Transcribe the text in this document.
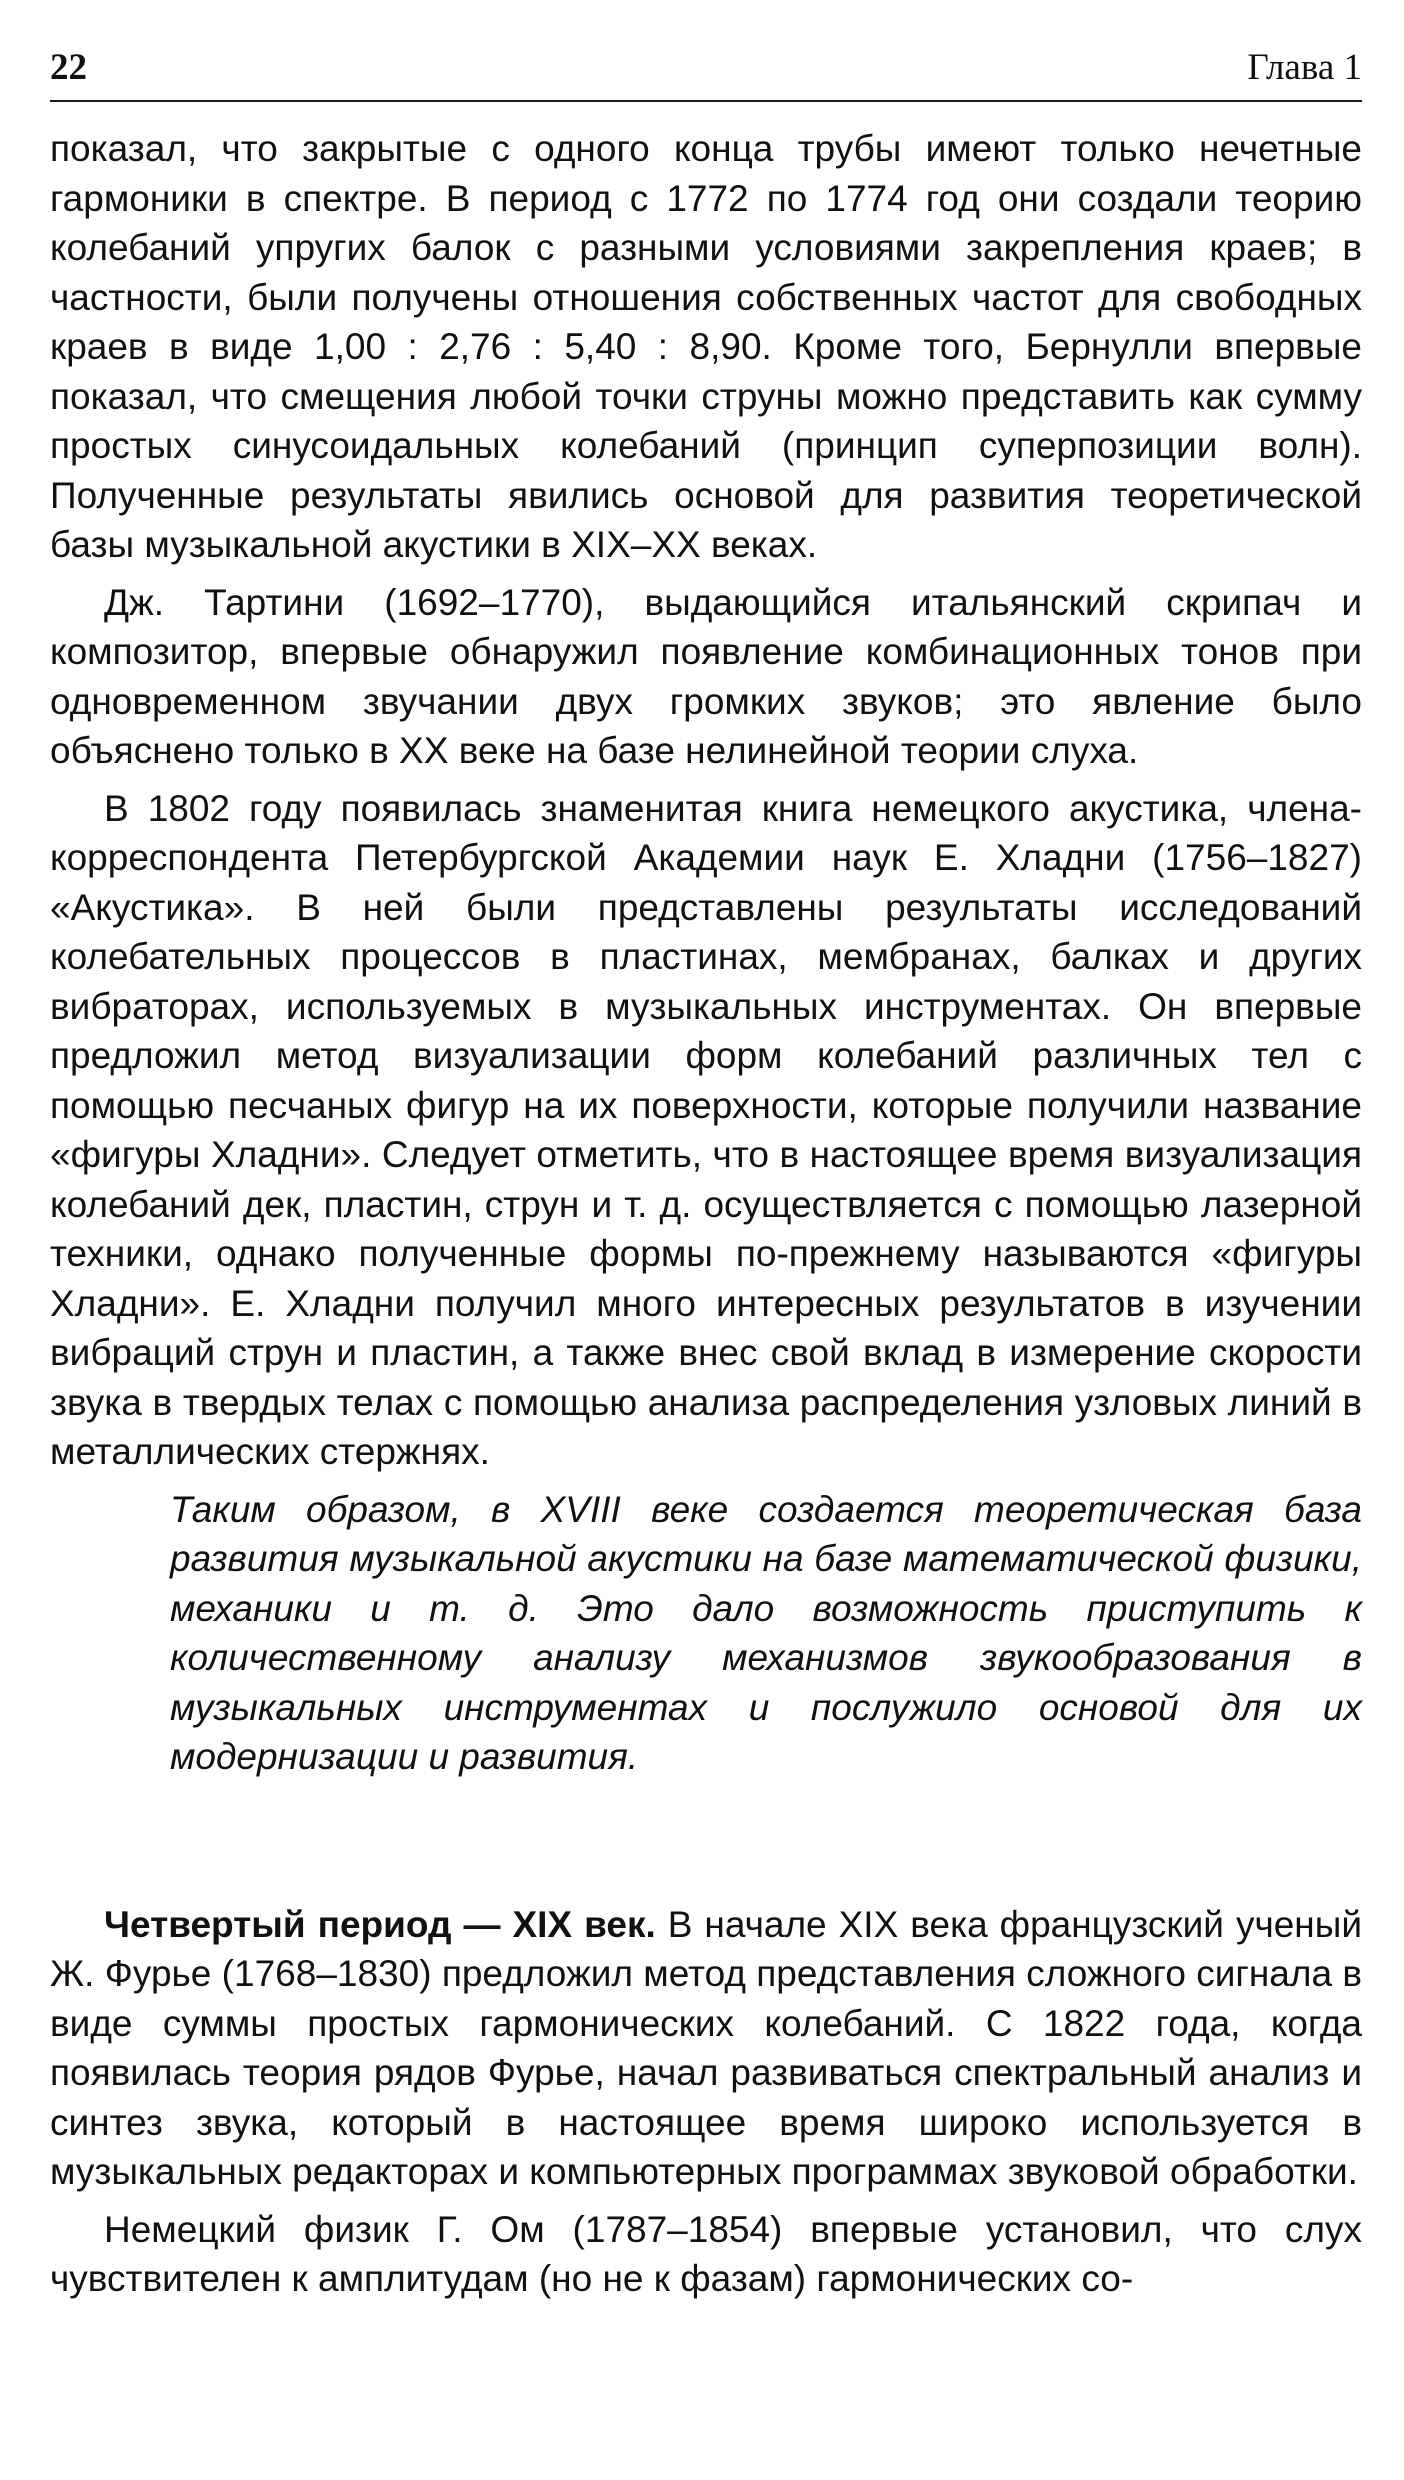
22	Глава 1

показал, что закрытые с одного конца трубы имеют только нечетные гармоники в спектре. В период с 1772 по 1774 год они создали теорию колебаний упругих балок с разными условиями закрепления краев; в частности, были получены отношения собственных частот для свободных краев в виде 1,00 : 2,76 : 5,40 : 8,90. Кроме того, Бернулли впервые показал, что смещения любой точки струны можно представить как сумму простых синусоидальных колебаний (принцип суперпозиции волн). Полученные результаты явились основой для развития теоретической базы музыкальной акустики в XIX–XX веках.

Дж. Тартини (1692–1770), выдающийся итальянский скрипач и композитор, впервые обнаружил появление комбинационных тонов при одновременном звучании двух громких звуков; это явление было объяснено только в XX веке на базе нелинейной теории слуха.

В 1802 году появилась знаменитая книга немецкого акустика, члена-корреспондента Петербургской Академии наук Е. Хладни (1756–1827) «Акустика». В ней были представлены результаты исследований колебательных процессов в пластинах, мембранах, балках и других вибраторах, используемых в музыкальных инструментах. Он впервые предложил метод визуализации форм колебаний различных тел с помощью песчаных фигур на их поверхности, которые получили название «фигуры Хладни». Следует отметить, что в настоящее время визуализация колебаний дек, пластин, струн и т. д. осуществляется с помощью лазерной техники, однако полученные формы по-прежнему называются «фигуры Хладни». Е. Хладни получил много интересных результатов в изучении вибраций струн и пластин, а также внес свой вклад в измерение скорости звука в твердых телах с помощью анализа распределения узловых линий в металлических стержнях.

Таким образом, в XVIII веке создается теоретическая база развития музыкальной акустики на базе математической физики, механики и т. д. Это дало возможность приступить к количественному анализу механизмов звукообразования в музыкальных инструментах и послужило основой для их модернизации и развития.

Четвертый период — XIX век. В начале XIX века французский ученый Ж. Фурье (1768–1830) предложил метод представления сложного сигнала в виде суммы простых гармонических колебаний. С 1822 года, когда появилась теория рядов Фурье, начал развиваться спектральный анализ и синтез звука, который в настоящее время широко используется в музыкальных редакторах и компьютерных программах звуковой обработки.

Немецкий физик Г. Ом (1787–1854) впервые установил, что слух чувствителен к амплитудам (но не к фазам) гармонических со-
